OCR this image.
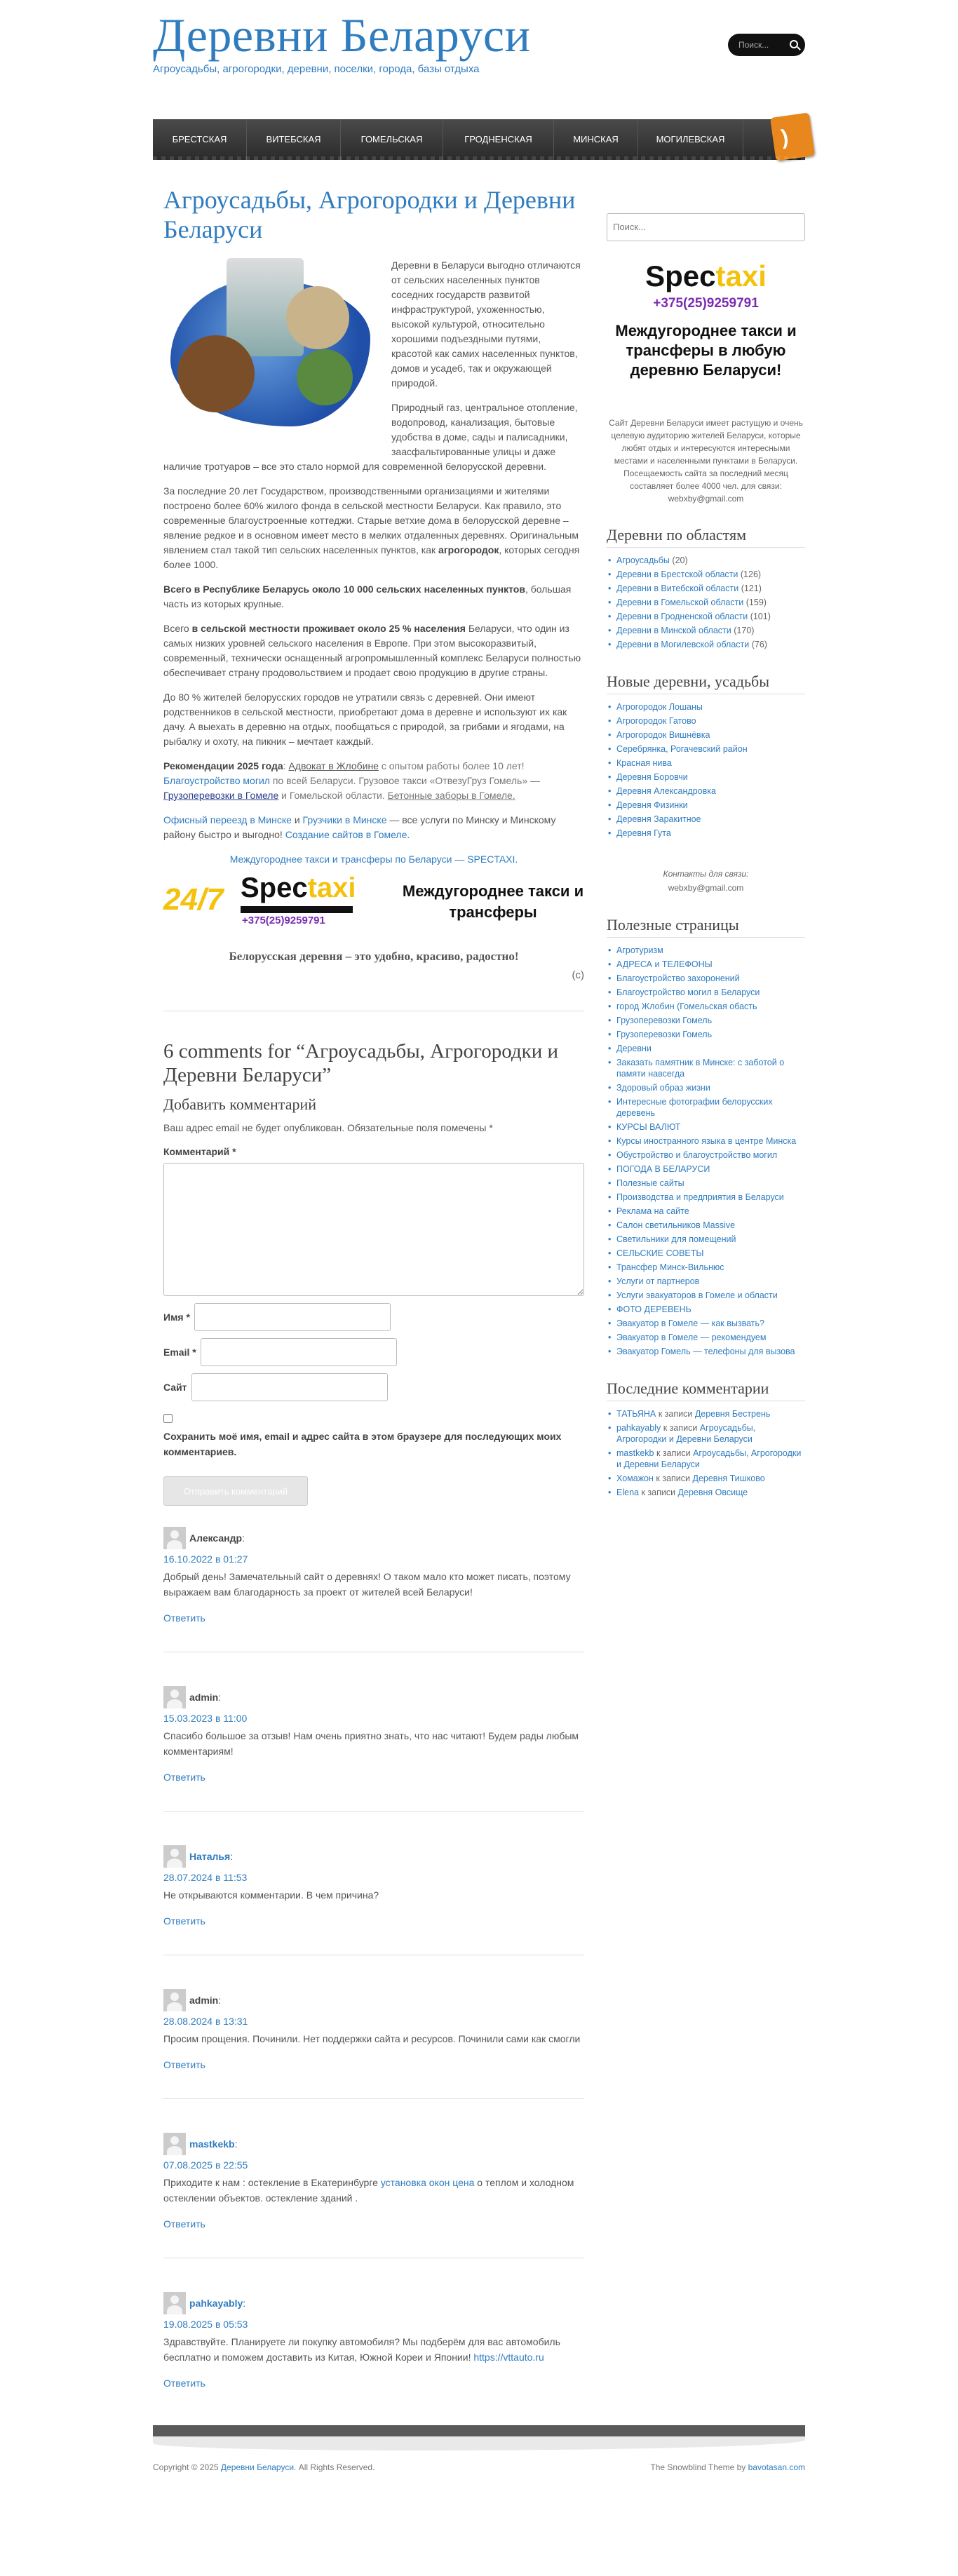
Деревни Беларуси
Агроусадьбы, агрогородки, деревни, поселки, города, базы отдыха
Поиск...
БРЕСТСКАЯ	ВИТЕБСКАЯ	ГОМЕЛЬСКАЯ	ГРОДНЕНСКАЯ	МИНСКАЯ	МОГИЛЕВСКАЯ	)
Агроусадьбы, Агрогородки и Деревни Беларуси

Деревни в Беларуси выгодно отличаются от сельских населенных пунктов соседних государств развитой инфраструктурой, ухоженностью, высокой культурой, относительно хорошими подъездными путями, красотой как самих населенных пунктов, домов и усадеб, так и окружающей природой.

Природный газ, центральное отопление, водопровод, канализация, бытовые удобства в доме, сады и палисадники, заасфальтированные улицы и даже наличие тротуаров – все это стало нормой для современной белорусской деревни.

За последние 20 лет Государством, производственными организациями и жителями построено более 60% жилого фонда в сельской местности Беларуси. Как правило, это современные благоустроенные коттеджи. Старые ветхие дома в белорусской деревне – явление редкое и в основном имеет место в мелких отдаленных деревнях. Оригинальным явлением стал такой тип сельских населенных пунктов, как агрогородок, которых сегодня более 1000.

Всего в Республике Беларусь около 10 000 сельских населенных пунктов, большая часть из которых крупные.

Всего в сельской местности проживает около 25 % населения Беларуси, что один из самых низких уровней сельского населения в Европе. При этом высокоразвитый, современный, технически оснащенный агропромышленный комплекс Беларуси полностью обеспечивает страну продовольствием и продает свою продукцию в другие страны.

До 80 % жителей белорусских городов не утратили связь с деревней. Они имеют родственников в сельской местности, приобретают дома в деревне и используют их как дачу. А выехать в деревню на отдых, пообщаться с природой, за грибами и ягодами, на рыбалку и охоту, на пикник – мечтает каждый.

Рекомендации 2025 года: Адвокат в Жлобине с опытом работы более 10 лет! Благоустройство могил по всей Беларуси. Грузовое такси «ОтвезуГруз Гомель» — Грузоперевозки в Гомеле и Гомельской области. Бетонные заборы в Гомеле.

Офисный переезд в Минске и Грузчики в Минске — все услуги по Минску и Минскому району быстро и выгодно! Создание сайтов в Гомеле.

Междугороднее такси и трансферы по Беларуси — SPECTAXI.

24/7 Spectaxi
+375(25)9259791
Междугороднее такси и трансферы
Белорусская деревня – это удобно, красиво, радостно!
(с)
6 comments for “Агроусадьбы, Агрогородки и Деревни Беларуси”
Добавить комментарий
Ваш адрес email не будет опубликован. Обязательные поля помечены *
Комментарий *
Имя *
Email *
Сайт
Сохранить моё имя, email и адрес сайта в этом браузере для последующих моих комментариев.
Отправить комментарий
Александр :
16.10.2022 в 01:27
Добрый день! Замечательный сайт о деревнях! О таком мало кто может писать, поэтому выражаем вам благодарность за проект от жителей всей Беларуси!
Ответить
admin :
15.03.2023 в 11:00
Спасибо большое за отзыв! Нам очень приятно знать, что нас читают! Будем рады любым комментариям!
Ответить
Наталья :
28.07.2024 в 11:53
Не открываются комментарии. В чем причина?
Ответить
admin :
28.08.2024 в 13:31
Просим прощения. Починили. Нет поддержки сайта и ресурсов. Починили сами как смогли
Ответить
mastkekb :
07.08.2025 в 22:55
Приходите к нам : остекление в Екатеринбурге установка окон цена о теплом и холодном остеклении объектов. остекление зданий .
Ответить
pahkayably :
19.08.2025 в 05:53
Здравствуйте. Планируете ли покупку автомобиля? Мы подберём для вас автомобиль бесплатно и поможем доставить из Китая, Южной Кореи и Японии! https://vttauto.ru
Ответить
Поиск...
Spectaxi
+375(25)9259791
Междугороднее такси и трансферы в любую деревню Беларуси!
Сайт Деревни Беларуси имеет растущую и очень целевую аудиторию жителей Беларуси, которые любят отдых и интересуются интересными местами и населенными пунктами в Беларуси. Посещаемость сайта за последний месяц составляет более 4000 чел. для связи: webxby@gmail.com
Деревни по областям
• Агроусадьбы (20)
• Деревни в Брестской области (126)
• Деревни в Витебской области (121)
• Деревни в Гомельской области (159)
• Деревни в Гродненской области (101)
• Деревни в Минской области (170)
• Деревни в Могилевской области (76)
Новые деревни, усадьбы
• Агрогородок Лошаны
• Агрогородок Гатово
• Агрогородок Вишнёвка
• Серебрянка, Рогачевский район
• Красная нива
• Деревня Боровчи
• Деревня Александровка
• Деревня Физинки
• Деревня Заракитное
• Деревня Гута
Контакты для связи:
webxby@gmail.com
Полезные страницы
• Агротуризм
• АДРЕСА и ТЕЛЕФОНЫ
• Благоустройство захоронений
• Благоустройство могил в Беларуси
• город Жлобин (Гомельская обасть
• Грузоперевозки Гомель
• Грузоперевозки Гомель
• Деревни
• Заказать памятник в Минске: с заботой о памяти навсегда
• Здоровый образ жизни
• Интересные фотографии белорусских деревень
• КУРСЫ ВАЛЮТ
• Курсы иностранного языка в центре Минска
• Обустройство и благоустройство могил
• ПОГОДА В БЕЛАРУСИ
• Полезные сайты
• Производства и предприятия в Беларуси
• Реклама на сайте
• Салон светильников Massive
• Светильники для помещений
• СЕЛЬСКИЕ СОВЕТЫ
• Трансфер Минск-Вильнюс
• Услуги от партнеров
• Услуги эвакуаторов в Гомеле и области
• ФОТО ДЕРЕВЕНЬ
• Эвакуатор в Гомеле — как вызвать?
• Эвакуатор в Гомеле — рекомендуем
• Эвакуатор Гомель — телефоны для вызова
Последние комментарии
• ТАТЬЯНА к записи Деревня Бестрень
• pahkayably к записи Агроусадьбы, Агрогородки и Деревни Беларуси
• mastkekb к записи Агроусадьбы, Агрогородки и Деревни Беларуси
• Хомажон к записи Деревня Тишково
• Elena к записи Деревня Овсище
Copyright © 2025 Деревни Беларуси. All Rights Reserved.	The Snowblind Theme by bavotasan.com
